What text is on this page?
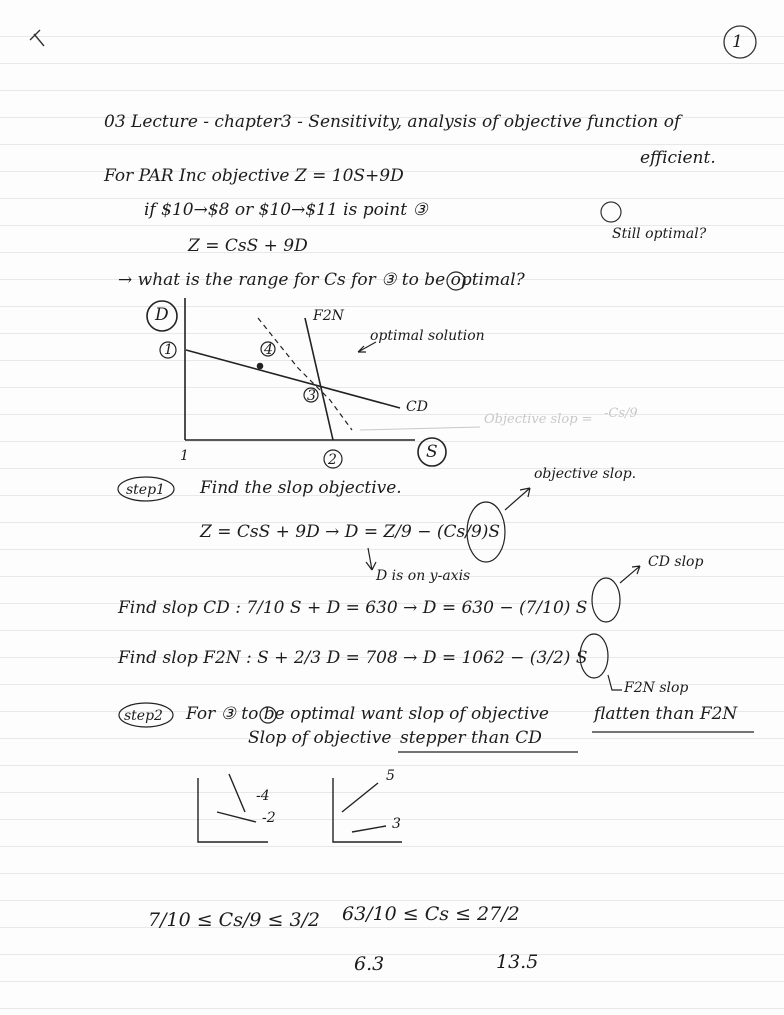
1

03 Lecture - chapter3 - Sensitivity, analysis of objective function of

efficient.

For PAR Inc objective Z = 10S+9D

if $10→$8 or $10→$11 is point ③

Still optimal?

Z = CsS + 9D

→ what is the range for Cs for ③ to be optimal?

D

1

F2N

optimal solution

4

3

CD

Objective slop = -Cs/9

1	2	S

step1 Find the slop objective.

objective slop.

Z = CsS + 9D → D = Z/9 − (Cs/9)S

D is on y-axis

CD slop

Find slop CD : 7/10 S + D = 630 → D = 630 − (7/10) S

Find slop F2N : S + 2/3 D = 708 → D = 1062 − (3/2) S

F2N slop

step2 For ③ to be optimal want slop of objective	flatten than F2N

Slop of objective stepper than CD

-4

-2

5

3

7/10 ≤ Cs/9 ≤ 3/2 63/10 ≤ Cs ≤ 27/2

6.3	13.5
